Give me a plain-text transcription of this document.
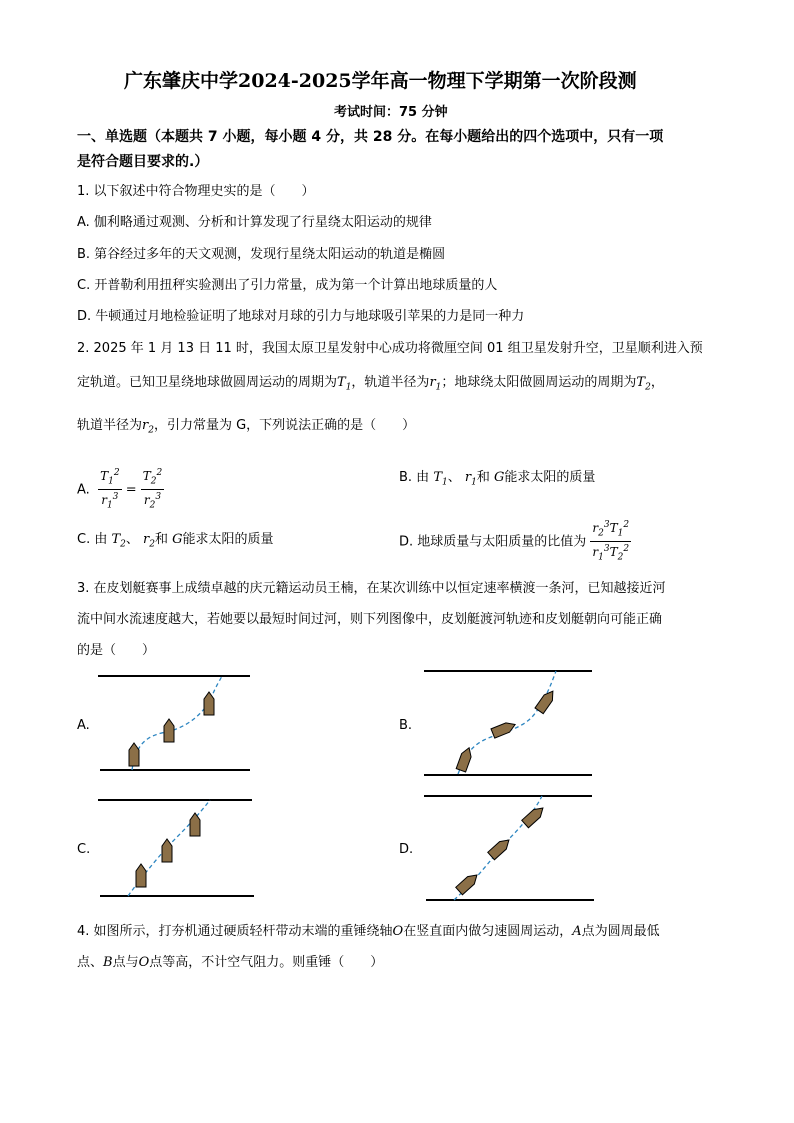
广东肇庆中学2024-2025学年高一物理下学期第一次阶段测
考试时间：75 分钟
一、单选题（本题共 7 小题，每小题 4 分，共 28 分。在每小题给出的四个选项中，只有一项
是符合题目要求的.）
1. 以下叙述中符合物理史实的是（　　）
A. 伽利略通过观测、分析和计算发现了行星绕太阳运动的规律
B. 第谷经过多年的天文观测，发现行星绕太阳运动的轨道是椭圆
C. 开普勒利用扭秤实验测出了引力常量，成为第一个计算出地球质量的人
D. 牛顿通过月地检验证明了地球对月球的引力与地球吸引苹果的力是同一种力
2. 2025 年 1 月 13 日 11 时，我国太原卫星发射中心成功将微厘空间 01 组卫星发射升空，卫星顺利进入预
定轨道。已知卫星绕地球做圆周运动的周期为$T_1$，轨道半径为$r_1$；地球绕太阳做圆周运动的周期为$T_2$，
轨道半径为$r_2$，引力常量为 G，下列说法正确的是（　　）
A. $\frac{T_1^2}{r_1^3} = \frac{T_2^2}{r_2^3}$	B. 由 $T_1$、 $r_1$和 G能求太阳的质量
C. 由 $T_2$、 $r_2$和 G能求太阳的质量	D. 地球质量与太阳质量的比值为 $\frac{r_2^3T_1^2}{r_1^3T_2^2}$
3. 在皮划艇赛事上成绩卓越的庆元籍运动员王楠，在某次训练中以恒定速率横渡一条河，已知越接近河
流中间水流速度越大，若她要以最短时间过河，则下列图像中，皮划艇渡河轨迹和皮划艇朝向可能正确
的是（　　）
A.	B.
C.	D.
4. 如图所示，打夯机通过硬质轻杆带动末端的重锤绕轴O在竖直面内做匀速圆周运动，A点为圆周最低
点、B点与O点等高，不计空气阻力。则重锤（　　）
